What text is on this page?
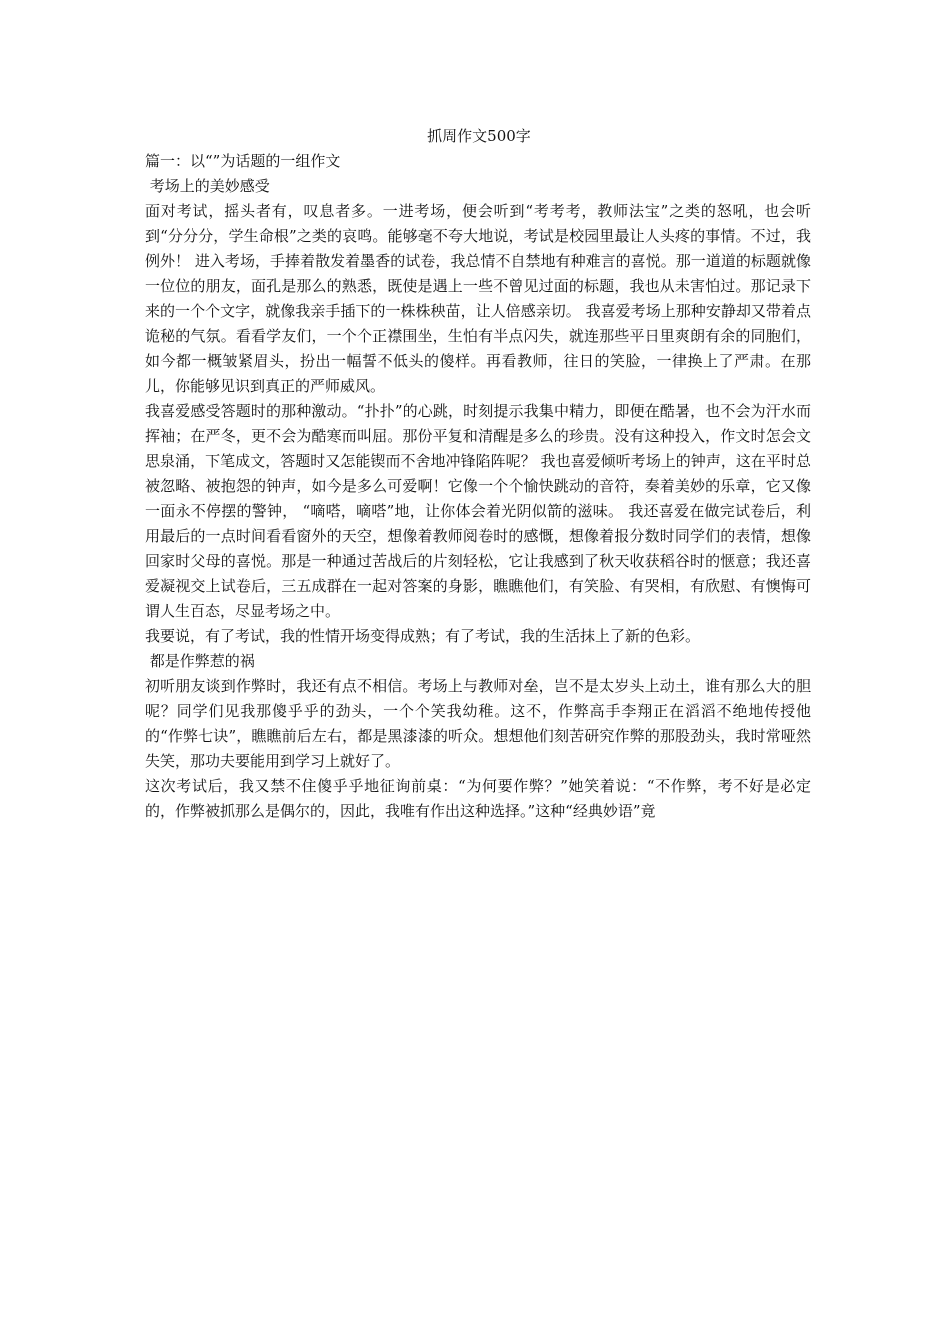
抓周作文500字
篇一：以“”为话题的一组作文
考场上的美妙感受

面对考试，摇头者有，叹息者多。一进考场，便会听到“考考考，教师法宝”之类的怒吼，也会听到“分分分，学生命根”之类的哀鸣。能够毫不夸大地说，考试是校园里最让人头疼的事情。不过，我例外！ 进入考场，手捧着散发着墨香的试卷，我总情不自禁地有种难言的喜悦。那一道道的标题就像一位位的朋友，面孔是那么的熟悉，既使是遇上一些不曾见过面的标题，我也从未害怕过。那记录下来的一个个文字，就像我亲手插下的一株株秧苗，让人倍感亲切。 我喜爱考场上那种安静却又带着点诡秘的气氛。看看学友们，一个个正襟围坐，生怕有半点闪失，就连那些平日里爽朗有余的同胞们，如今都一概皱紧眉头，扮出一幅誓不低头的傻样。再看教师，往日的笑脸，一律换上了严肃。在那儿，你能够见识到真正的严师威风。

我喜爱感受答题时的那种激动。“扑扑”的心跳，时刻提示我集中精力，即便在酷暑，也不会为汗水而挥袖；在严冬，更不会为酷寒而叫屈。那份平复和清醒是多么的珍贵。没有这种投入，作文时怎会文思泉涌，下笔成文，答题时又怎能锲而不舍地冲锋陷阵呢？ 我也喜爱倾听考场上的钟声，这在平时总被忽略、被抱怨的钟声，如今是多么可爱啊！它像一个个愉快跳动的音符，奏着美妙的乐章，它又像一面永不停摆的警钟， “嘀嗒，嘀嗒”地，让你体会着光阴似箭的滋味。 我还喜爱在做完试卷后，利用最后的一点时间看看窗外的天空，想像着教师阅卷时的感慨，想像着报分数时同学们的表情，想像回家时父母的喜悦。那是一种通过苦战后的片刻轻松，它让我感到了秋天收获稻谷时的惬意；我还喜爱凝视交上试卷后，三五成群在一起对答案的身影，瞧瞧他们，有笑脸、有哭相，有欣慰、有懊悔可谓人生百态，尽显考场之中。

我要说，有了考试，我的性情开场变得成熟；有了考试，我的生活抹上了新的色彩。

都是作弊惹的祸

初听朋友谈到作弊时，我还有点不相信。考场上与教师对垒，岂不是太岁头上动土，谁有那么大的胆呢？同学们见我那傻乎乎的劲头，一个个笑我幼稚。这不，作弊高手李翔正在滔滔不绝地传授他的“作弊七诀”，瞧瞧前后左右，都是黑漆漆的听众。想想他们刻苦研究作弊的那股劲头，我时常哑然失笑，那功夫要能用到学习上就好了。

这次考试后，我又禁不住傻乎乎地征询前桌：“为何要作弊？”她笑着说：“不作弊，考不好是必定的，作弊被抓那么是偶尔的，因此，我唯有作出这种选择。”这种“经典妙语”竟
